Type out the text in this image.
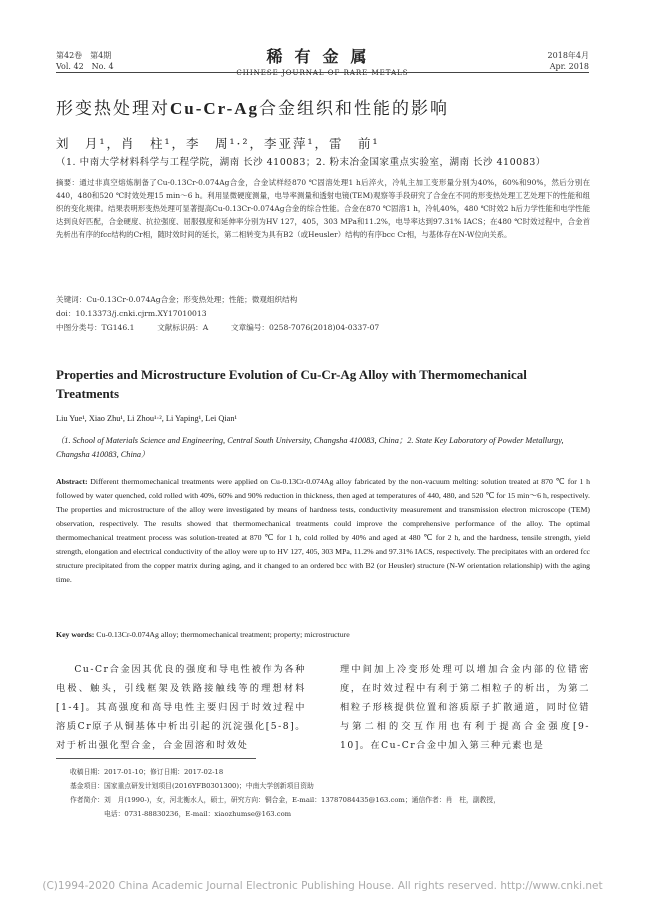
第42卷　第4期
Vol. 42　No. 4
稀有金属
CHINESE JOURNAL OF RARE METALS
2018年4月
Apr. 2018
形变热处理对Cu-Cr-Ag合金组织和性能的影响
刘　月¹，肖　柱¹，李　周¹·²，李亚萍¹，雷　前¹
（1. 中南大学材料科学与工程学院，湖南 长沙 410083；2. 粉末冶金国家重点实验室，湖南 长沙 410083）
摘要：通过非真空熔炼制备了Cu-0.13Cr-0.074Ag合金，合金试样经870 ℃固溶处理1 h后淬火，冷轧主加工变形量分别为40%，60%和90%，然后分别在440，480和520 ℃时效处理15 min～6 h。利用显微硬度测量，电导率测量和透射电镜(TEM)观察等手段研究了合金在不同的形变热处理工艺处理下的性能和组织的变化规律。结果表明形变热处理可显著提高Cu-0.13Cr-0.074Ag合金的综合性能。合金在870 ℃固溶1 h，冷轧40%，480 ℃时效2 h后力学性能和电学性能达到良好匹配，合金硬度、抗拉强度、屈服强度和延伸率分别为HV 127，405，303 MPa和11.2%，电导率达到97.31% IACS；在480 ℃时效过程中，合金首先析出有序的fcc结构的Cr相，随时效时间的延长，第二相转变为具有B2（或Heusler）结构的有序bcc Cr相，与基体存在N-W位向关系。
关键词：Cu-0.13Cr-0.074Ag合金；形变热处理；性能；微观组织结构
doi：10.13373/j.cnki.cjrm.XY17010013
中图分类号：TG146.1　　　文献标识码：A　　　文章编号：0258-7076(2018)04-0337-07
Properties and Microstructure Evolution of Cu-Cr-Ag Alloy with Thermomechanical Treatments
Liu Yue¹, Xiao Zhu¹, Li Zhou¹·², Li Yaping¹, Lei Qian¹
（1. School of Materials Science and Engineering, Central South University, Changsha 410083, China；2. State Key Laboratory of Powder Metallurgy, Changsha 410083, China）
Abstract: Different thermomechanical treatments were applied on Cu-0.13Cr-0.074Ag alloy fabricated by the non-vacuum melting: solution treated at 870 ℃ for 1 h followed by water quenched, cold rolled with 40%, 60% and 90% reduction in thickness, then aged at temperatures of 440, 480, and 520 ℃ for 15 min～6 h, respectively. The properties and microstructure of the alloy were investigated by means of hardness tests, conductivity measurement and transmission electron microscope (TEM) observation, respectively. The results showed that thermomechanical treatments could improve the comprehensive performance of the alloy. The optimal thermomechanical treatment process was solution-treated at 870 ℃ for 1 h, cold rolled by 40% and aged at 480 ℃ for 2 h, and the hardness, tensile strength, yield strength, elongation and electrical conductivity of the alloy were up to HV 127, 405, 303 MPa, 11.2% and 97.31% IACS, respectively. The precipitates with an ordered fcc structure precipitated from the copper matrix during aging, and it changed to an ordered bcc with B2 (or Heusler) structure (N-W orientation relationship) with the aging time.
Key words: Cu-0.13Cr-0.074Ag alloy; thermomechanical treatment; property; microstructure
Cu-Cr合金因其优良的强度和导电性被作为各种电极、触头，引线框架及铁路接触线等的理想材料[1-4]。其高强度和高导电性主要归因于时效过程中溶质Cr原子从铜基体中析出引起的沉淀强化[5-8]。对于析出强化型合金，合金固溶和时效处
理中间加上冷变形处理可以增加合金内部的位错密度，在时效过程中有利于第二相粒子的析出，为第二相粒子形核提供位置和溶质原子扩散通道，同时位错与第二相的交互作用也有利于提高合金强度[9-10]。在Cu-Cr合金中加入第三种元素也是
收稿日期：2017-01-10；修订日期：2017-02-18
基金项目：国家重点研发计划项目(2016YFB0301300)；中南大学创新项目资助
作者简介：刘　月(1990-)，女，河北衡水人，硕士，研究方向：铜合金，E-mail：13787084435@163.com；通信作者：肖　柱，副教授，
电话：0731-88830236，E-mail：xiaozhumse@163.com
(C)1994-2020 China Academic Journal Electronic Publishing House. All rights reserved. http://www.cnki.net
